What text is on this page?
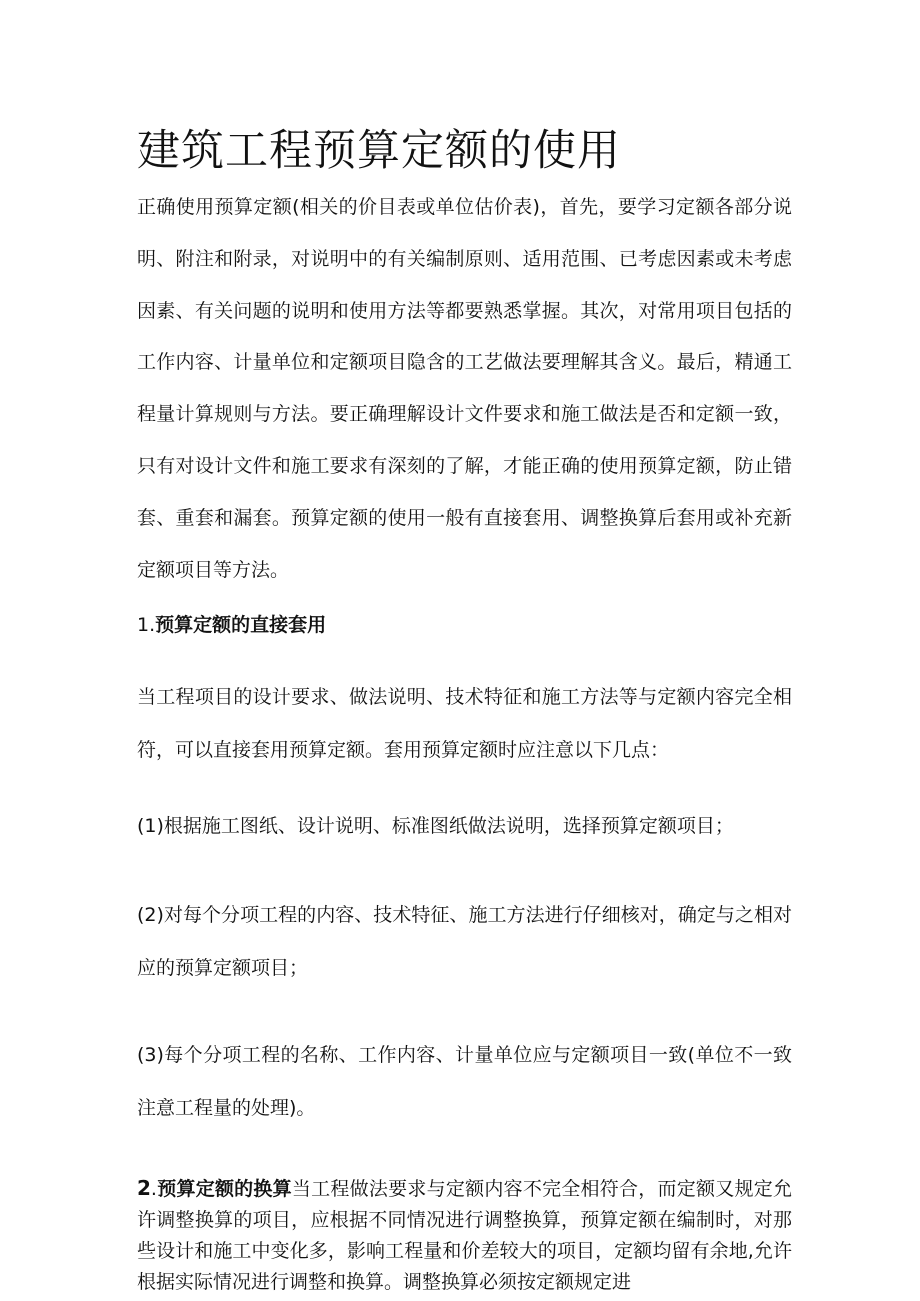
建筑工程预算定额的使用

正确使用预算定额(相关的价目表或单位估价表)，首先，要学习定额各部分说明、附注和附录，对说明中的有关编制原则、适用范围、已考虑因素或未考虑因素、有关问题的说明和使用方法等都要熟悉掌握。其次，对常用项目包括的工作内容、计量单位和定额项目隐含的工艺做法要理解其含义。最后，精通工程量计算规则与方法。要正确理解设计文件要求和施工做法是否和定额一致，只有对设计文件和施工要求有深刻的了解，才能正确的使用预算定额，防止错套、重套和漏套。预算定额的使用一般有直接套用、调整换算后套用或补充新定额项目等方法。

1.预算定额的直接套用

当工程项目的设计要求、做法说明、技术特征和施工方法等与定额内容完全相符，可以直接套用预算定额。套用预算定额时应注意以下几点：

(1)根据施工图纸、设计说明、标准图纸做法说明，选择预算定额项目；

(2)对每个分项工程的内容、技术特征、施工方法进行仔细核对，确定与之相对应的预算定额项目；

(3)每个分项工程的名称、工作内容、计量单位应与定额项目一致(单位不一致注意工程量的处理)。

2.预算定额的换算当工程做法要求与定额内容不完全相符合，而定额又规定允许调整换算的项目，应根据不同情况进行调整换算，预算定额在编制时，对那些设计和施工中变化多，影响工程量和价差较大的项目，定额均留有余地,允许根据实际情况进行调整和换算。调整换算必须按定额规定进
